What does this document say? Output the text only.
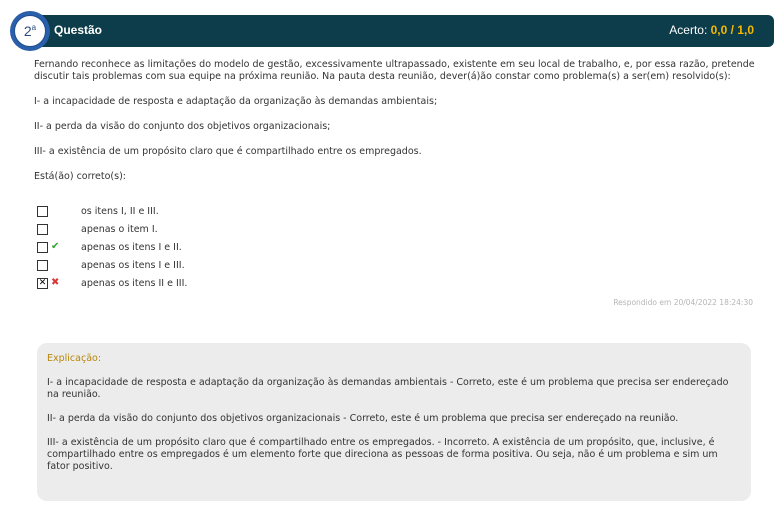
Questão	Acerto: 0,0 / 1,0
2$^a$

Fernando reconhece as limitações do modelo de gestão, excessivamente ultrapassado, existente em seu local de trabalho, e, por essa razão, pretende discutir tais problemas com sua equipe na próxima reunião. Na pauta desta reunião, dever(á)ão constar como problema(s) a ser(em) resolvido(s):

I- a incapacidade de resposta e adaptação da organização às demandas ambientais;

II- a perda da visão do conjunto dos objetivos organizacionais;

III- a existência de um propósito claro que é compartilhado entre os empregados.

Está(ão) correto(s):

os itens I, II e III.
apenas o item I.
✔ apenas os itens I e II.
apenas os itens I e III.
✕ ✖ apenas os itens II e III.
Respondido em 20/04/2022 18:24:30

Explicação:

I- a incapacidade de resposta e adaptação da organização às demandas ambientais - Correto, este é um problema que precisa ser endereçado na reunião.

II- a perda da visão do conjunto dos objetivos organizacionais - Correto, este é um problema que precisa ser endereçado na reunião.

III- a existência de um propósito claro que é compartilhado entre os empregados. - Incorreto. A existência de um propósito, que, inclusive, é compartilhado entre os empregados é um elemento forte que direciona as pessoas de forma positiva. Ou seja, não é um problema e sim um fator positivo.
